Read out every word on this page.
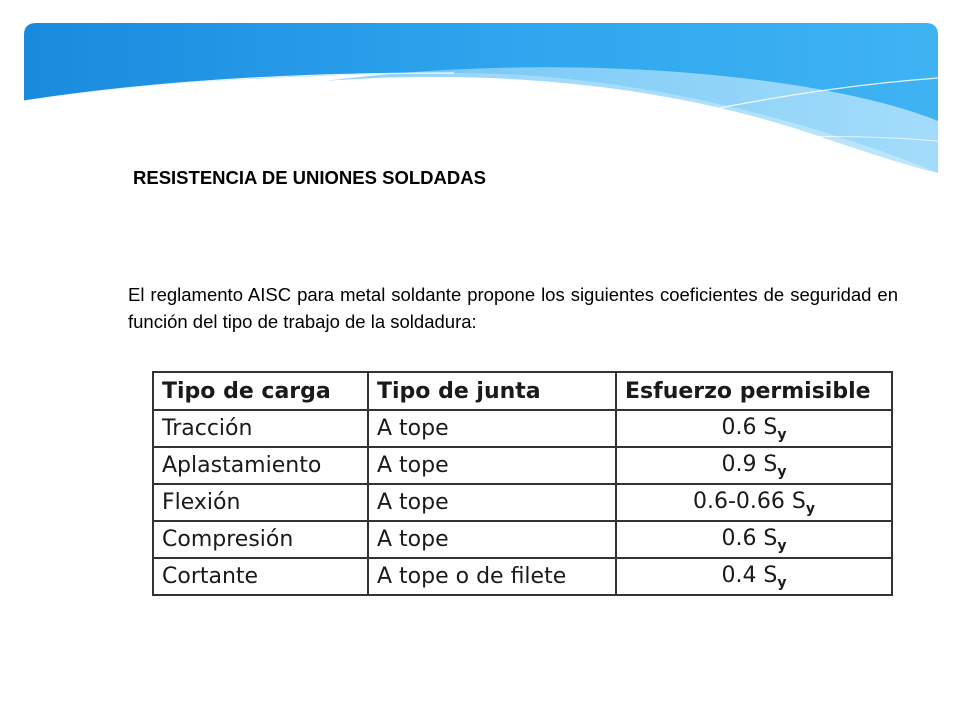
RESISTENCIA DE UNIONES SOLDADAS

El reglamento AISC para metal soldante propone los siguientes coeficientes de seguridad en función del tipo de trabajo de la soldadura:

Tipo de carga	Tipo de junta	Esfuerzo permisible
Tracción	A tope	0.6 $S_y$
Aplastamiento	A tope	0.9 $S_y$
Flexión	A tope	0.6-0.66 $S_y$
Compresión	A tope	0.6 $S_y$
Cortante	A tope o de filete	0.4 $S_y$
